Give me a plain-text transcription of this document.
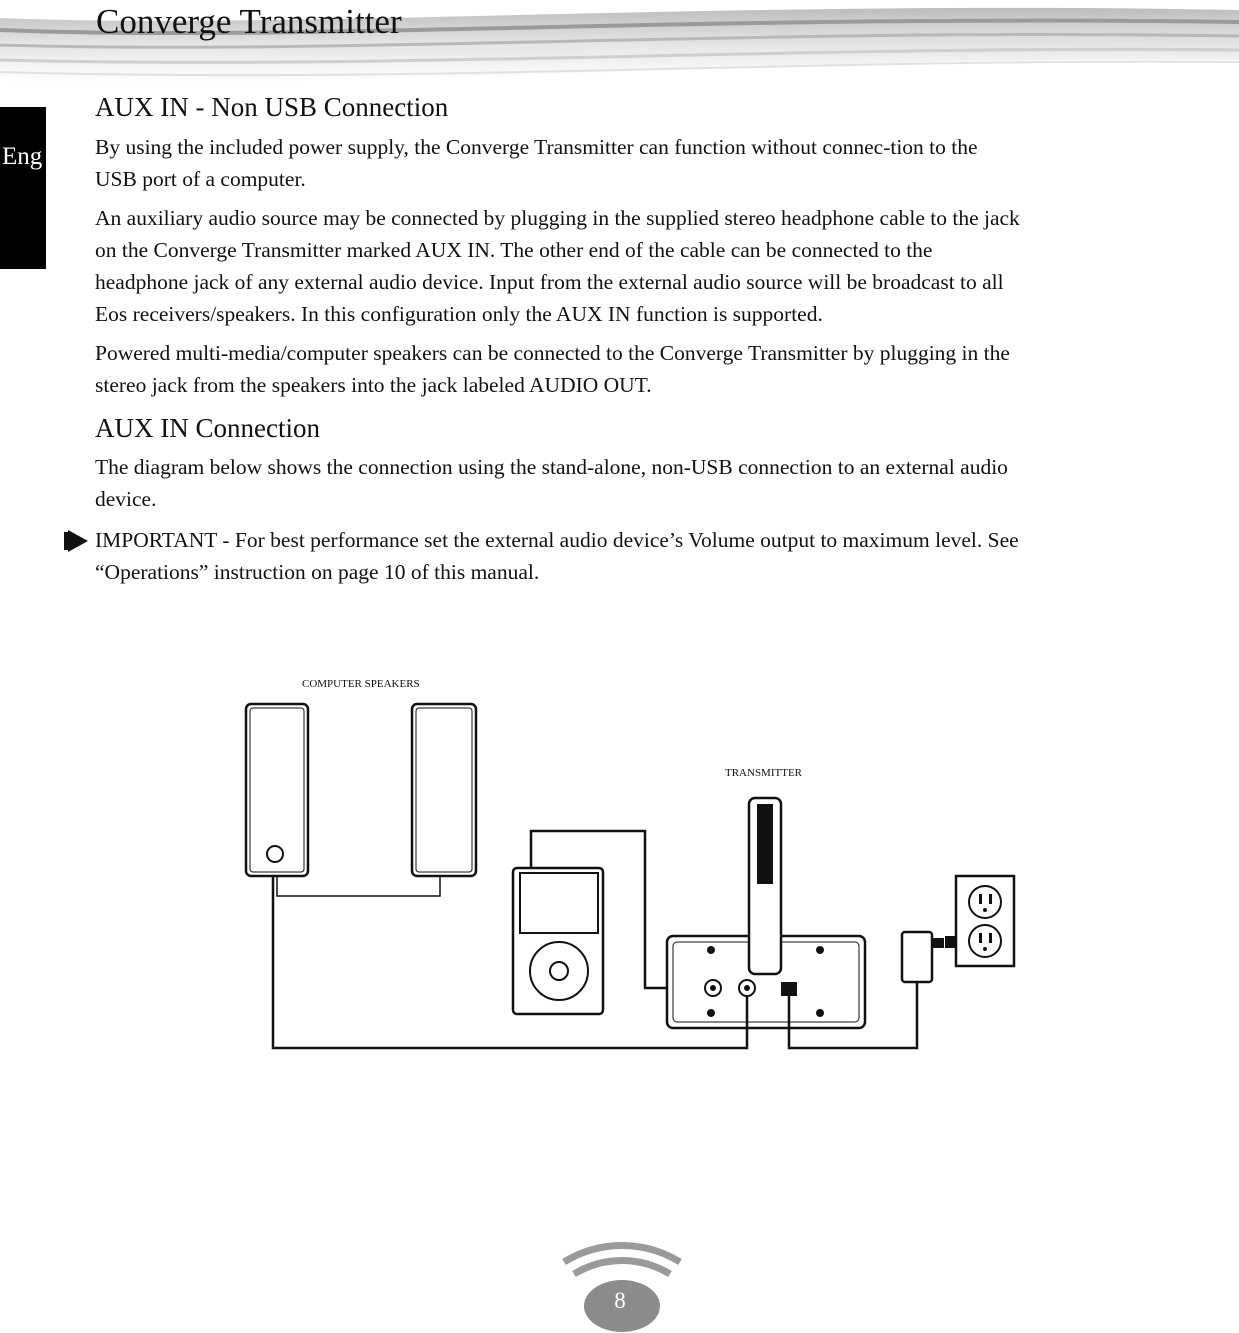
Converge Transmitter
Eng
AUX IN - Non USB Connection

By using the included power supply, the Converge Transmitter can function without connec-tion to the USB port of a computer.

An auxiliary audio source may be connected by plugging in the supplied stereo headphone cable to the jack on the Converge Transmitter marked AUX IN. The other end of the cable can be connected to the headphone jack of any external audio device. Input from the external audio source will be broadcast to all Eos receivers/speakers. In this configuration only the AUX IN function is supported.

Powered multi-media/computer speakers can be connected to the Converge Transmitter by plugging in the stereo jack from the speakers into the jack labeled AUDIO OUT.

AUX IN Connection

The diagram below shows the connection using the stand-alone, non-USB connection to an external audio device.

IMPORTANT - For best performance set the external audio device’s Volume output to maximum level. See “Operations” instruction on page 10 of this manual.

COMPUTER SPEAKERS
TRANSMITTER
8
